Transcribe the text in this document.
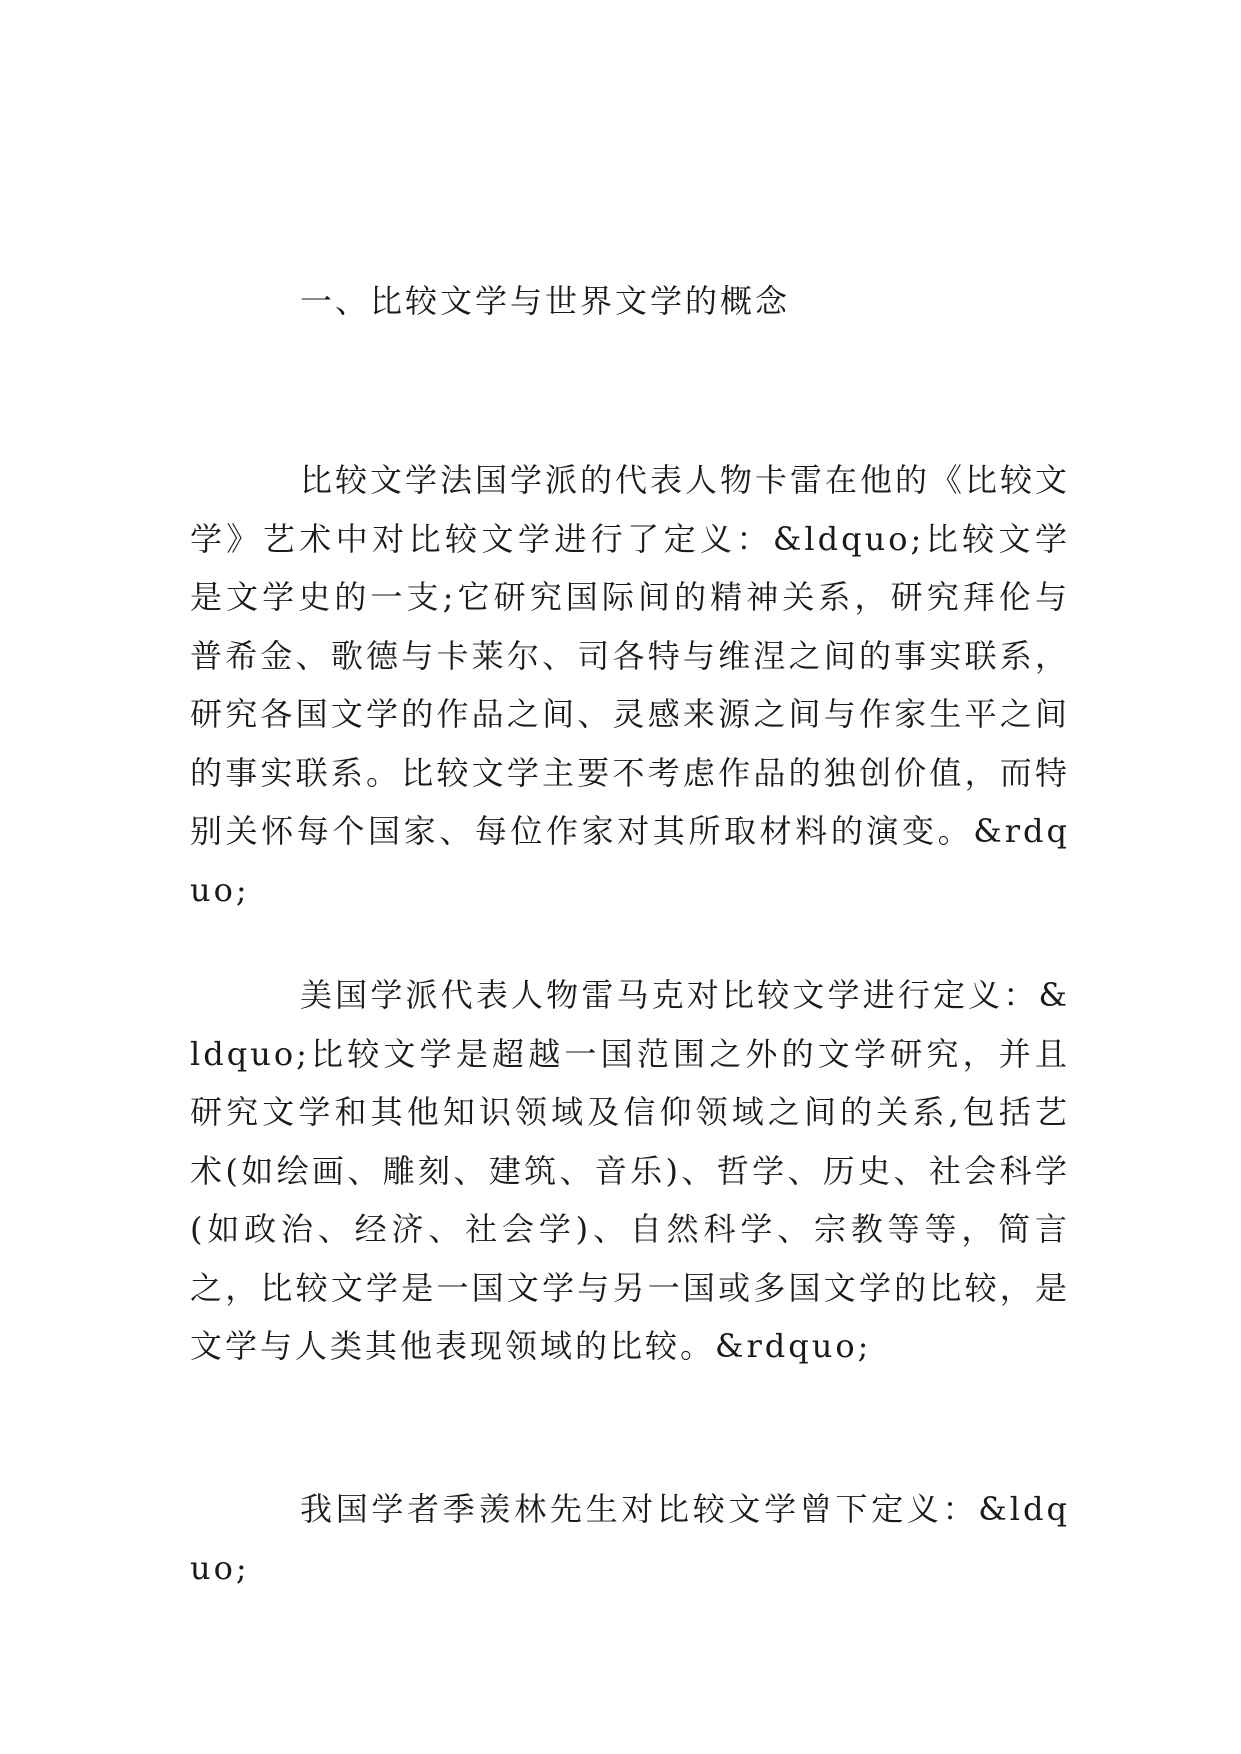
一、比较文学与世界文学的概念

比较文学法国学派的代表人物卡雷在他的《比较文学》艺术中对比较文学进行了定义：&ldquo;比较文学是文学史的一支;它研究国际间的精神关系，研究拜伦与普希金、歌德与卡莱尔、司各特与维涅之间的事实联系，研究各国文学的作品之间、灵感来源之间与作家生平之间的事实联系。比较文学主要不考虑作品的独创价值，而特别关怀每个国家、每位作家对其所取材料的演变。&rdquo;

美国学派代表人物雷马克对比较文学进行定义：&ldquo;比较文学是超越一国范围之外的文学研究，并且研究文学和其他知识领域及信仰领域之间的关系,包括艺术(如绘画、雕刻、建筑、音乐)、哲学、历史、社会科学(如政治、经济、社会学)、自然科学、宗教等等，简言之，比较文学是一国文学与另一国或多国文学的比较，是文学与人类其他表现领域的比较。&rdquo;

我国学者季羡林先生对比较文学曾下定义：&ldquo;
